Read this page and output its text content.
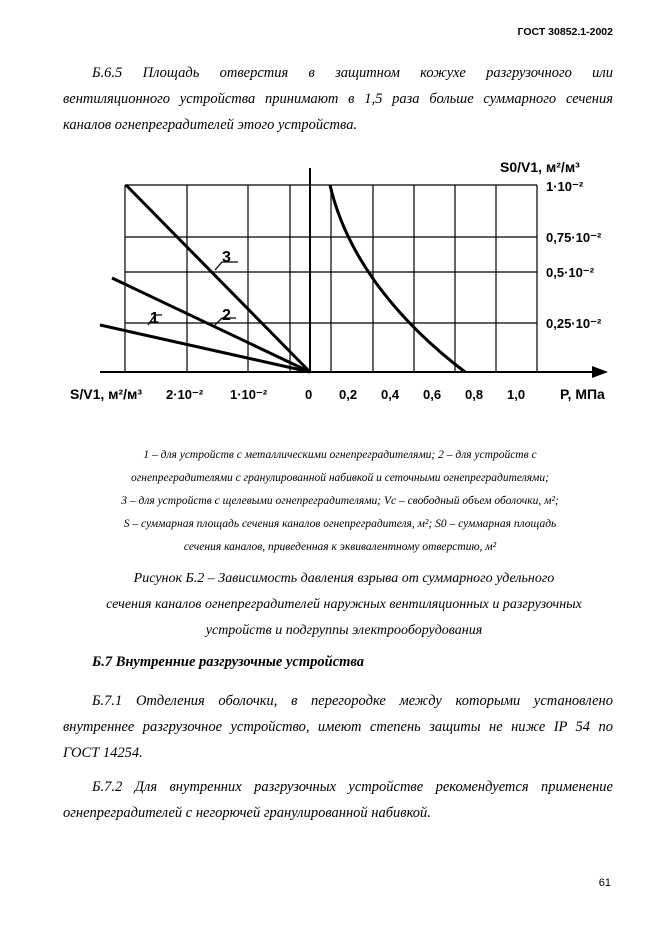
ГОСТ 30852.1-2002
Б.6.5 Площадь отверстия в защитном кожухе разгрузочного или
вентиляционного устройства принимают в 1,5 раза больше суммарного сечения
каналов огнепреградителей этого устройства.
1	2
3
S0/V1, м²/м³
1·10⁻²
0,75·10⁻²
0,5·10⁻²
0,25·10⁻²
S/V1, м²/м³ 2·10⁻² 1·10⁻²	0 0,2 0,4 0,6 0,8 1,0 P, МПа
1 – для устройств с металлическими огнепреградителями; 2 – для устройств с
огнепреградителями с гранулированной набивкой и сеточными огнепреградителями;
3 – для устройств с щелевыми огнепреградителями; Vс – свободный объем оболочки, м²;
S – суммарная площадь сечения каналов огнепреградителя, м²; S0 – суммарная площадь
сечения каналов, приведенная к эквивалентному отверстию, м²
Рисунок Б.2 – Зависимость давления взрыва от суммарного удельного
сечения каналов огнепреградителей наружных вентиляционных и разгрузочных
устройств и подгруппы электрооборудования
Б.7 Внутренние разгрузочные устройства
Б.7.1 Отделения оболочки, в перегородке между которыми установлено
внутреннее разгрузочное устройство, имеют степень защиты не ниже IP 54 по
ГОСТ 14254.
Б.7.2 Для внутренних разгрузочных устройстве рекомендуется применение
огнепреградителей с негорючей гранулированной набивкой.
61
